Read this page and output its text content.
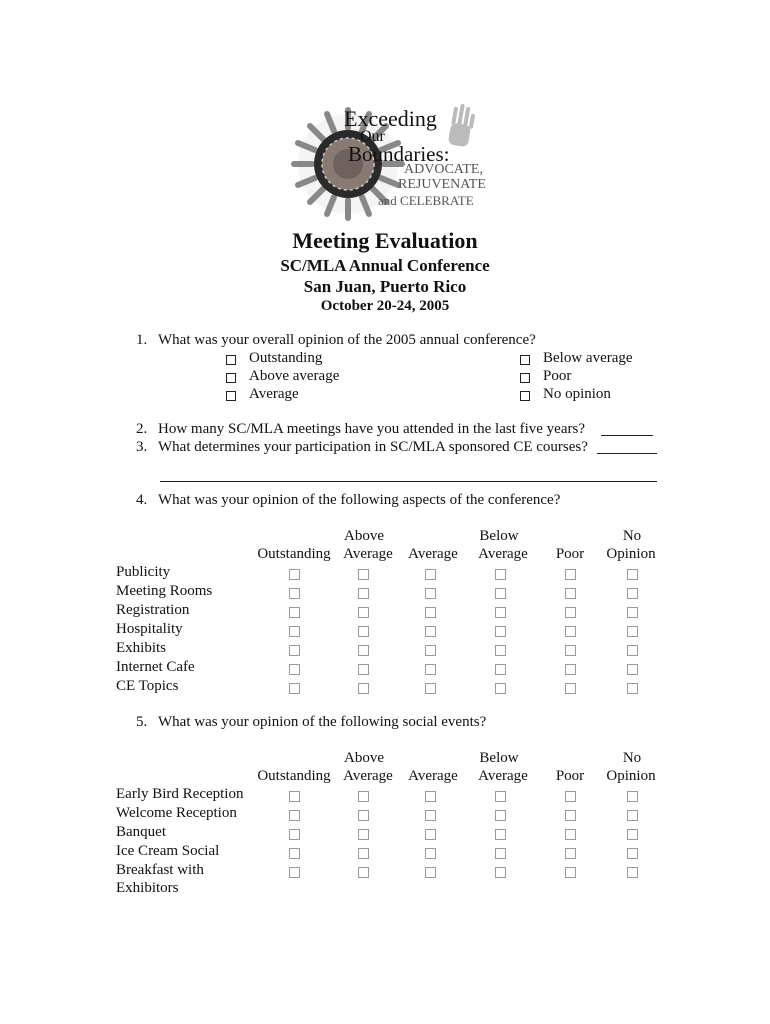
Exceeding
Our
Boundaries:
ADVOCATE,
REJUVENATE
and CELEBRATE
Meeting Evaluation
SC/MLA Annual Conference
San Juan, Puerto Rico
October 20-24, 2005
1. What was your overall opinion of the 2005 annual conference?
Outstanding
Above average
Average
Below average
Poor
No opinion
2. How many SC/MLA meetings have you attended in the last five years?
3. What determines your participation in SC/MLA sponsored CE courses?
4. What was your opinion of the following aspects of the conference?
Outstanding
Above
Average Average
Below
Average Poor
No
Opinion
Publicity
Meeting Rooms
Registration
Hospitality
Exhibits
Internet Cafe
CE Topics
5. What was your opinion of the following social events?
Outstanding
Above
Average Average
Below
Average Poor
No
Opinion
Early Bird Reception
Welcome Reception
Banquet
Ice Cream Social
Breakfast with
Exhibitors
